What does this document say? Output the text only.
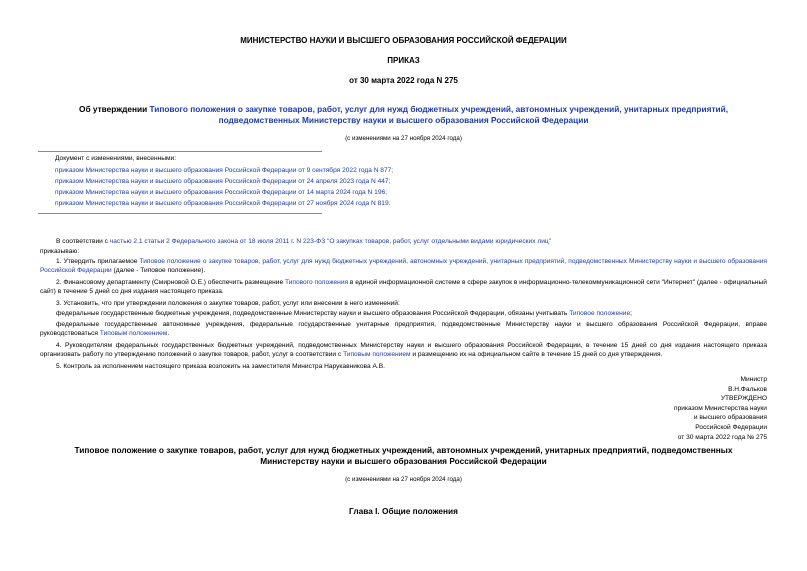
МИНИСТЕРСТВО НАУКИ И ВЫСШЕГО ОБРАЗОВАНИЯ РОССИЙСКОЙ ФЕДЕРАЦИИ
ПРИКАЗ
от 30 марта 2022 года N 275
Об утверждении Типового положения о закупке товаров, работ, услуг для нужд бюджетных учреждений, автономных учреждений, унитарных предприятий, подведомственных Министерству науки и высшего образования Российской Федерации
(с изменениями на 27 ноября 2024 года)
Документ с изменениями, внесенными:
приказом Министерства науки и высшего образования Российской Федерации от 9 сентября 2022 года N 877;
приказом Министерства науки и высшего образования Российской Федерации от 24 апреля 2023 года N 447;
приказом Министерства науки и высшего образования Российской Федерации от 14 марта 2024 года N 196;
приказом Министерства науки и высшего образования Российской Федерации от 27 ноября 2024 года N 819.
В соответствии с частью 2.1 статьи 2 Федерального закона от 18 июля 2011 г. N 223-ФЗ "О закупках товаров, работ, услуг отдельными видами юридических лиц"
приказываю:
1. Утвердить прилагаемое Типовое положение о закупке товаров, работ, услуг для нужд бюджетных учреждений, автономных учреждений, унитарных предприятий, подведомственных Министерству науки и высшего образования Российской Федерации (далее - Типовое положение).
2. Финансовому департаменту (Смирновой О.Е.) обеспечить размещение Типового положения в единой информационной системе в сфере закупок в информационно-телекоммуникационной сети "Интернет" (далее - официальный сайт) в течение 5 дней со дня издания настоящего приказа.
3. Установить, что при утверждении положения о закупке товаров, работ, услуг или внесении в него изменений:
федеральные государственные бюджетные учреждения, подведомственные Министерству науки и высшего образования Российской Федерации, обязаны учитывать Типовое положение;
федеральные государственные автономные учреждения, федеральные государственные унитарные предприятия, подведомственные Министерству науки и высшего образования Российской Федерации, вправе руководствоваться Типовым положением.
4. Руководителям федеральных государственных бюджетных учреждений, подведомственных Министерству науки и высшего образования Российской Федерации, в течение 15 дней со дня издания настоящего приказа организовать работу по утверждению положений о закупке товаров, работ, услуг в соответствии с Типовым положением и размещению их на официальном сайте в течение 15 дней со дня утверждения.
5. Контроль за исполнением настоящего приказа возложить на заместителя Министра Нарукавникова А.В.
Министр
В.Н.Фальков
УТВЕРЖДЕНО
приказом Министерства науки
и высшего образования
Российской Федерации
от 30 марта 2022 года № 275
Типовое положение о закупке товаров, работ, услуг для нужд бюджетных учреждений, автономных учреждений, унитарных предприятий, подведомственных Министерству науки и высшего образования Российской Федерации
(с изменениями на 27 ноября 2024 года)
Глава I. Общие положения
